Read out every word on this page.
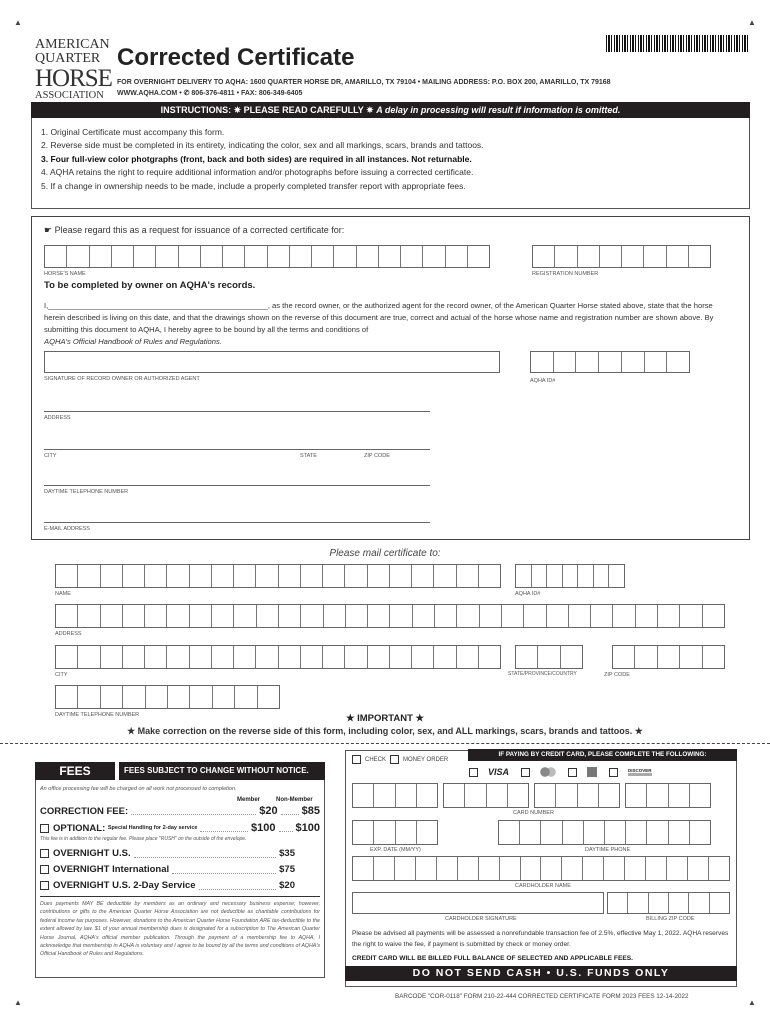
▲	▲
▲	▲
AMERICAN
QUARTER
HORSE
ASSOCIATION
Corrected Certificate
FOR OVERNIGHT DELIVERY TO AQHA: 1600 QUARTER HORSE DR, AMARILLO, TX 79104 • MAILING ADDRESS: P.O. BOX 200, AMARILLO, TX 79168
WWW.AQHA.COM • ✆ 806-376-4811 • FAX: 806-349-6405
INSTRUCTIONS: ✷ PLEASE READ CAREFULLY ✷ A delay in processing will result if information is omitted.
1. Original Certificate must accompany this form.
2. Reverse side must be completed in its entirety, indicating the color, sex and all markings, scars, brands and tattoos.
3. Four full-view color photgraphs (front, back and both sides) are required in all instances. Not returnable.
4. AQHA retains the right to require additional information and/or photographs before issuing a corrected certificate.
5. If a change in ownership needs to be made, include a properly completed transfer report with appropriate fees.
☛ Please regard this as a request for issuance of a corrected certificate for:
HORSE'S NAME	REGISTRATION NUMBER
To be completed by owner on AQHA's records.
I,____________________________________________________, as the record owner, or the authorized agent for the record owner, of the American Quarter Horse stated above, state that the horse herein described is living on this date, and that the drawings shown on the reverse of this document are true, correct and actual of the horse whose name and registration number are shown above. By submitting this document to AQHA, I hereby agree to be bound by all the terms and conditions of
AQHA's Official Handbook of Rules and Regulations.
SIGNATURE OF RECORD OWNER OR AUTHORIZED AGENT	AQHA ID#
ADDRESS
CITY	STATE	ZIP CODE
DAYTIME TELEPHONE NUMBER
E-MAIL ADDRESS
Please mail certificate to:
NAME	AQHA ID#
ADDRESS
CITY	STATE/PROVINCE/COUNTRY	ZIP CODE
DAYTIME TELEPHONE NUMBER	★ IMPORTANT ★
★ Make correction on the reverse side of this form, including color, sex, and ALL markings, scars, brands and tattoos. ★
FEES	FEES SUBJECT TO CHANGE WITHOUT NOTICE.
An office processing fee will be charged on all work not processed to completion.
Member	Non-Member
CORRECTION FEE:	$20 $85
OPTIONAL:
Special Handling for 2-day service	$100 $100
This fee is in addition to the regular fee. Please place "RUSH" on the outside of the envelope.
OVERNIGHT U.S.	$35
OVERNIGHT International	$75
OVERNIGHT U.S. 2-Day Service	$20
Dues payments MAY BE deductible by members as an ordinary and necessary business expense; however, contributions or gifts to the American Quarter Horse Association are not deductible as charitable contributions for federal income tax purposes. However, donations to the American Quarter Horse Foundation ARE tax-deductible to the extent allowed by law. $1 of your annual membership dues is designated for a subscription to The American Quarter Horse Journal, AQHA's official member publication. Through the payment of a membership fee to AQHA, I acknowledge that membership in AQHA is voluntary and I agree to be bound by all the terms and conditions of AQHA's Official Handbook of Rules and Regulations.
CHECK	MONEY ORDER
IF PAYING BY CREDIT CARD, PLEASE COMPLETE THE FOLLOWING:
VISA	DISCOVER
CARD NUMBER
EXP. DATE (MM/YY)	DAYTIME PHONE
CARDHOLDER NAME
CARDHOLDER SIGNATURE	BILLING ZIP CODE
Please be advised all payments will be assessed a nonrefundable transaction fee of 2.5%, effective May 1, 2022. AQHA reserves the right to waive the fee, if payment is submitted by check or money order.
CREDIT CARD WILL BE BILLED FULL BALANCE OF SELECTED AND APPLICABLE FEES.
DO NOT SEND CASH • U.S. FUNDS ONLY
BARCODE "COR-0118" FORM 210-22-444 CORRECTED CERTIFICATE FORM 2023 FEES 12-14-2022
